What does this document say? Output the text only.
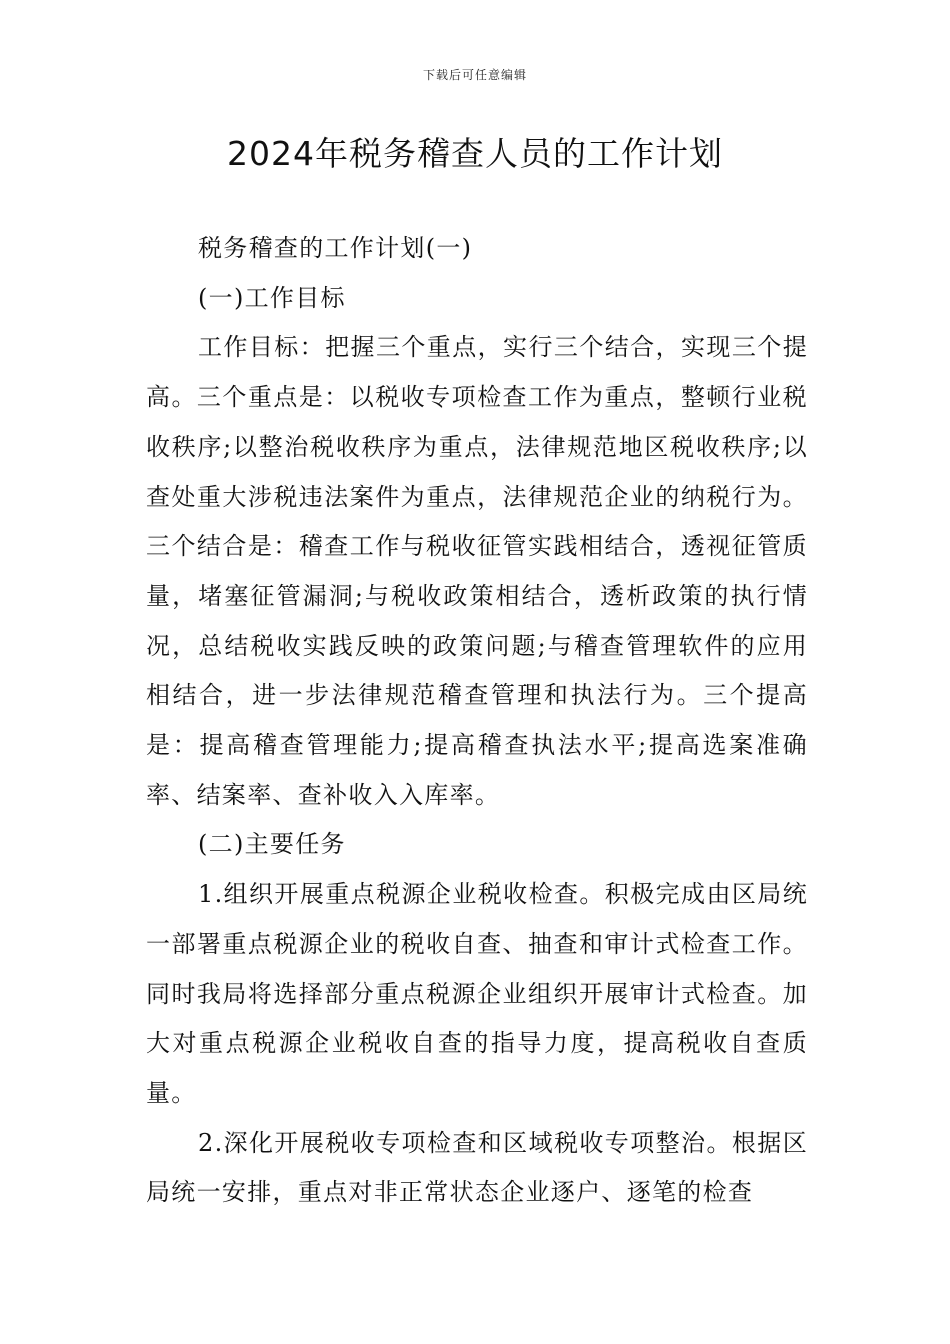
下载后可任意编辑
2024年税务稽查人员的工作计划

税务稽查的工作计划(一)

(一)工作目标

工作目标：把握三个重点，实行三个结合，实现三个提高。三个重点是：以税收专项检查工作为重点，整顿行业税收秩序;以整治税收秩序为重点，法律规范地区税收秩序;以查处重大涉税违法案件为重点，法律规范企业的纳税行为。三个结合是：稽查工作与税收征管实践相结合，透视征管质量，堵塞征管漏洞;与税收政策相结合，透析政策的执行情况，总结税收实践反映的政策问题;与稽查管理软件的应用相结合，进一步法律规范稽查管理和执法行为。三个提高是：提高稽查管理能力;提高稽查执法水平;提高选案准确率、结案率、查补收入入库率。

(二)主要任务

1.组织开展重点税源企业税收检查。积极完成由区局统一部署重点税源企业的税收自查、抽查和审计式检查工作。同时我局将选择部分重点税源企业组织开展审计式检查。加大对重点税源企业税收自查的指导力度，提高税收自查质量。

2.深化开展税收专项检查和区域税收专项整治。根据区局统一安排，重点对非正常状态企业逐户、逐笔的检查
